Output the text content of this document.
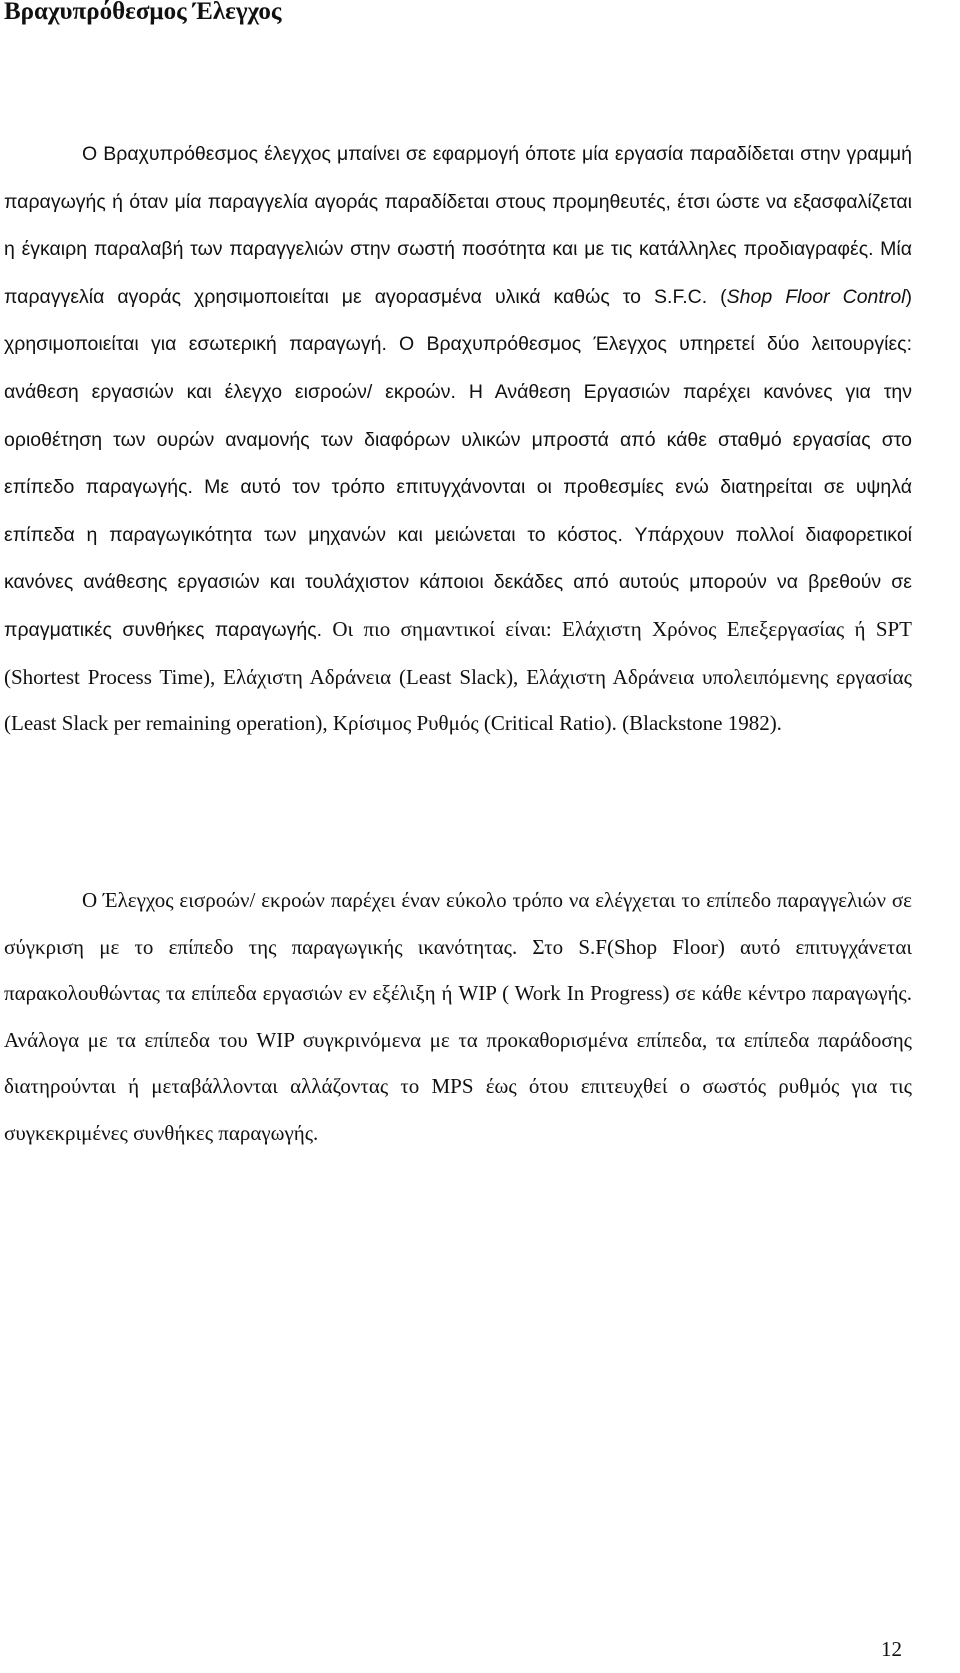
Βραχυπρόθεσμος Έλεγχος

Ο Βραχυπρόθεσμος έλεγχος μπαίνει σε εφαρμογή όποτε μία εργασία παραδίδεται στην γραμμή παραγωγής ή όταν μία παραγγελία αγοράς παραδίδεται στους προμηθευτές, έτσι ώστε να εξασφαλίζεται η έγκαιρη παραλαβή των παραγγελιών στην σωστή ποσότητα και με τις κατάλληλες προδιαγραφές. Μία παραγγελία αγοράς χρησιμοποιείται με αγορασμένα υλικά καθώς το S.F.C. (Shop Floor Control) χρησιμοποιείται για εσωτερική παραγωγή. Ο Βραχυπρόθεσμος Έλεγχος υπηρετεί δύο λειτουργίες: ανάθεση εργασιών και έλεγχο εισροών/ εκροών. Η Ανάθεση Εργασιών παρέχει κανόνες για την οριοθέτηση των ουρών αναμονής των διαφόρων υλικών μπροστά από κάθε σταθμό εργασίας στο επίπεδο παραγωγής. Με αυτό τον τρόπο επιτυγχάνονται οι προθεσμίες ενώ διατηρείται σε υψηλά επίπεδα η παραγωγικότητα των μηχανών και μειώνεται το κόστος. Υπάρχουν πολλοί διαφορετικοί κανόνες ανάθεσης εργασιών και τουλάχιστον κάποιοι δεκάδες από αυτούς μπορούν να βρεθούν σε πραγματικές συνθήκες παραγωγής. Οι πιο σημαντικοί είναι: Ελάχιστη Χρόνος Επεξεργασίας ή SPT (Shortest Process Time), Ελάχιστη Αδράνεια (Least Slack), Ελάχιστη Αδράνεια υπολειπόμενης εργασίας (Least Slack per remaining operation), Κρίσιμος Ρυθμός (Critical Ratio). (Blackstone 1982).

Ο Έλεγχος εισροών/ εκροών παρέχει έναν εύκολο τρόπο να ελέγχεται το επίπεδο παραγγελιών σε σύγκριση με το επίπεδο της παραγωγικής ικανότητας. Στο S.F(Shop Floor) αυτό επιτυγχάνεται παρακολουθώντας τα επίπεδα εργασιών εν εξέλιξη ή WIP ( Work In Progress) σε κάθε κέντρο παραγωγής. Ανάλογα με τα επίπεδα του WIP συγκρινόμενα με τα προκαθορισμένα επίπεδα, τα επίπεδα παράδοσης διατηρούνται ή μεταβάλλονται αλλάζοντας το MPS έως ότου επιτευχθεί ο σωστός ρυθμός για τις συγκεκριμένες συνθήκες παραγωγής.

12
